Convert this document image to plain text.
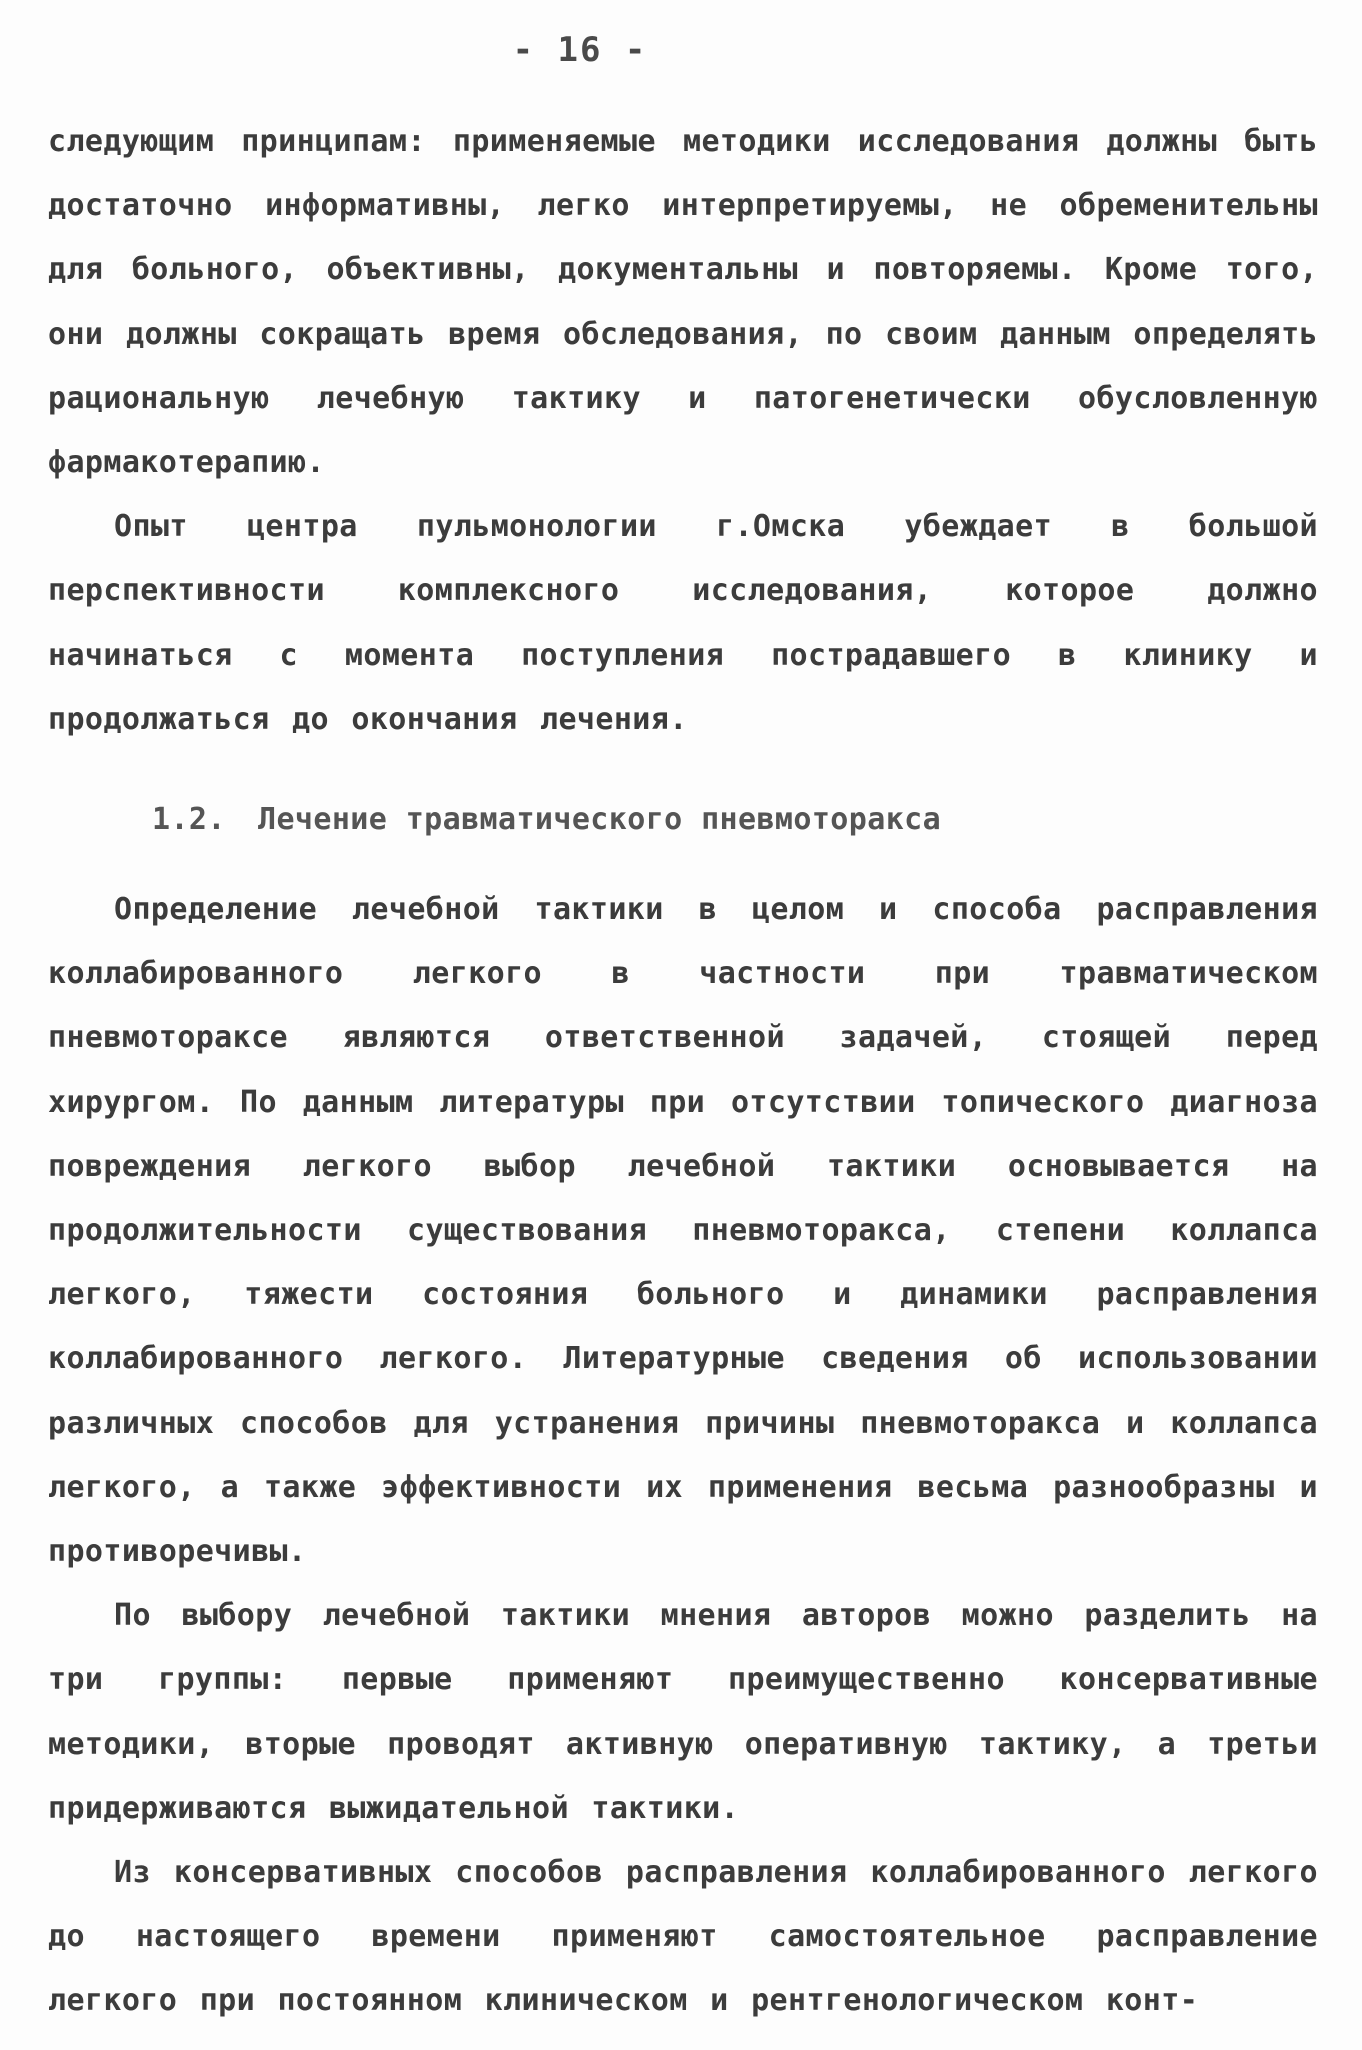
- 16 -

следующим принципам: применяемые методики исследования должны быть достаточно информативны, легко интерпретируемы, не обременительны для больного, объективны, документальны и повторяемы. Кроме того, они должны сокращать время обследования, по своим данным определять рациональную лечебную тактику и патогенетически обусловленную фармакотерапию.

Опыт центра пульмонологии г.Омска убеждает в большой перспективности комплексного исследования, которое должно начинаться с момента поступления пострадавшего в клинику и продолжаться до окончания лечения.

1.2. Лечение травматического пневмоторакса

Определение лечебной тактики в целом и способа расправления коллабированного легкого в частности при травматическом пневмотораксе являются ответственной задачей, стоящей перед хирургом. По данным литературы при отсутствии топического диагноза повреждения легкого выбор лечебной тактики основывается на продолжительности существования пневмоторакса, степени коллапса легкого, тяжести состояния больного и динамики расправления коллабированного легкого. Литературные сведения об использовании различных способов для устранения причины пневмоторакса и коллапса легкого, а также эффективности их применения весьма разнообразны и противоречивы.

По выбору лечебной тактики мнения авторов можно разделить на три группы: первые применяют преимущественно консервативные методики, вторые проводят активную оперативную тактику, а третьи придерживаются выжидательной тактики.

Из консервативных способов расправления коллабированного легкого до настоящего времени применяют самостоятельное расправление легкого при постоянном клиническом и рентгенологическом конт-
